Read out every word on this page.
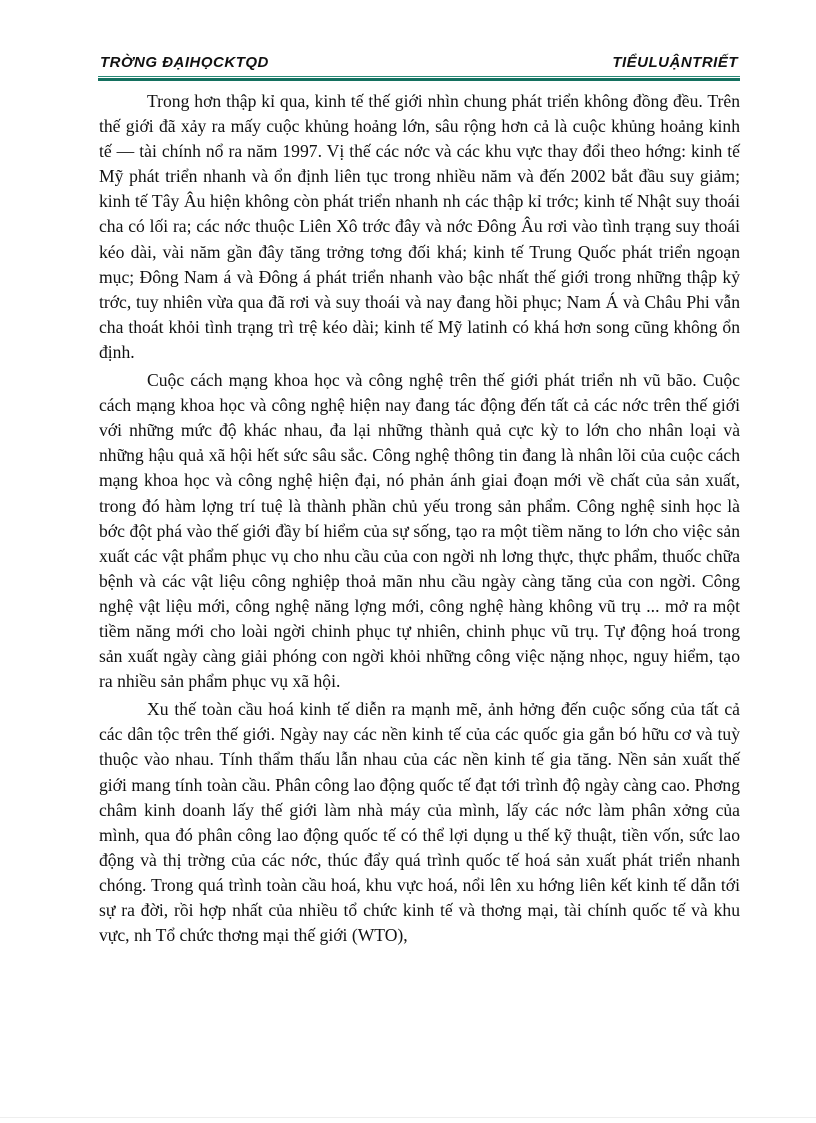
TRỜNG ĐẠIHỌCKTQD	TIỂULUẬNTRIẾT

Trong hơn thập kỉ qua, kinh tế thế giới nhìn chung phát triển không đồng đều. Trên thế giới đã xảy ra mấy cuộc khủng hoảng lớn, sâu rộng hơn cả là cuộc khủng hoảng kinh tế — tài chính nổ ra năm 1997. Vị thế các nớc và các khu vực thay đổi theo hớng: kinh tế Mỹ phát triển nhanh và ổn định liên tục trong nhiều năm và đến 2002 bắt đầu suy giảm; kinh tế Tây Âu hiện không còn phát triển nhanh nh các thập kỉ trớc; kinh tế Nhật suy thoái cha có lối ra; các nớc thuộc Liên Xô trớc đây và nớc Đông Âu rơi vào tình trạng suy thoái kéo dài, vài năm gần đây tăng trởng tơng đối khá; kinh tế Trung Quốc phát triển ngoạn mục; Đông Nam á và Đông á phát triển nhanh vào bậc nhất thế giới trong những thập kỷ trớc, tuy nhiên vừa qua đã rơi và suy thoái và nay đang hồi phục; Nam Á và Châu Phi vẫn cha thoát khỏi tình trạng trì trệ kéo dài; kinh tế Mỹ latinh có khá hơn song cũng không ổn định.

Cuộc cách mạng khoa học và công nghệ trên thế giới phát triển nh vũ bão. Cuộc cách mạng khoa học và công nghệ hiện nay đang tác động đến tất cả các nớc trên thế giới với những mức độ khác nhau, đa lại những thành quả cực kỳ to lớn cho nhân loại và những hậu quả xã hội hết sức sâu sắc. Công nghệ thông tin đang là nhân lõi của cuộc cách mạng khoa học và công nghệ hiện đại, nó phản ánh giai đoạn mới về chất của sản xuất, trong đó hàm lợng trí tuệ là thành phần chủ yếu trong sản phẩm. Công nghệ sinh học là bớc đột phá vào thế giới đầy bí hiểm của sự sống, tạo ra một tiềm năng to lớn cho việc sản xuất các vật phẩm phục vụ cho nhu cầu của con ngời nh lơng thực, thực phẩm, thuốc chữa bệnh và các vật liệu công nghiệp thoả mãn nhu cầu ngày càng tăng của con ngời. Công nghệ vật liệu mới, công nghệ năng lợng mới, công nghệ hàng không vũ trụ ... mở ra một tiềm năng mới cho loài ngời chinh phục tự nhiên, chinh phục vũ trụ. Tự động hoá trong sản xuất ngày càng giải phóng con ngời khỏi những công việc nặng nhọc, nguy hiểm, tạo ra nhiều sản phẩm phục vụ xã hội.

Xu thế toàn cầu hoá kinh tế diễn ra mạnh mẽ, ảnh hởng đến cuộc sống của tất cả các dân tộc trên thế giới. Ngày nay các nền kinh tế của các quốc gia gắn bó hữu cơ và tuỳ thuộc vào nhau. Tính thẩm thấu lẫn nhau của các nền kinh tế gia tăng. Nền sản xuất thế giới mang tính toàn cầu. Phân công lao động quốc tế đạt tới trình độ ngày càng cao. Phơng châm kinh doanh lấy thế giới làm nhà máy của mình, lấy các nớc làm phân xởng của mình, qua đó phân công lao động quốc tế có thể lợi dụng u thế kỹ thuật, tiền vốn, sức lao động và thị trờng của các nớc, thúc đẩy quá trình quốc tế hoá sản xuất phát triển nhanh chóng. Trong quá trình toàn cầu hoá, khu vực hoá, nổi lên xu hớng liên kết kinh tế dẫn tới sự ra đời, rồi hợp nhất của nhiều tổ chức kinh tế và thơng mại, tài chính quốc tế và khu vực, nh Tổ chức thơng mại thế giới (WTO),
